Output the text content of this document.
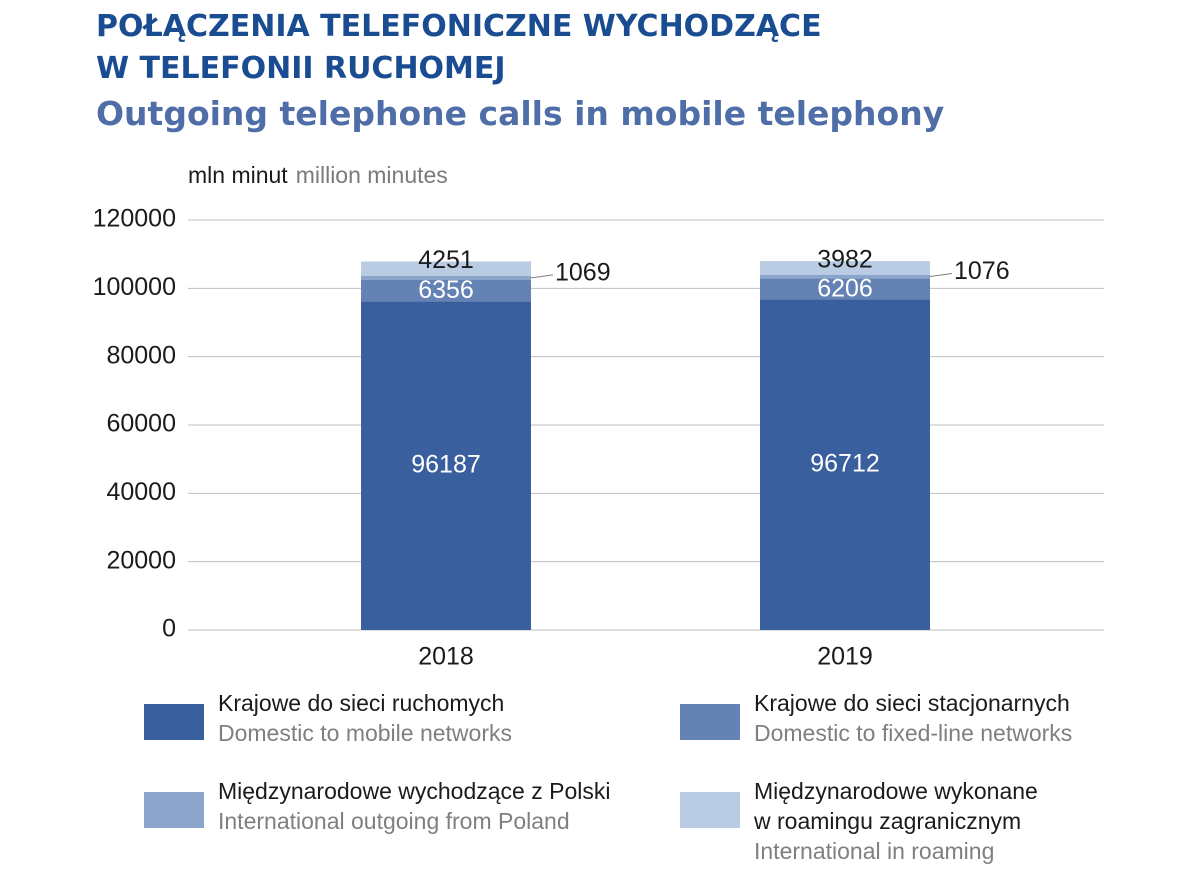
POŁĄCZENIA TELEFONICZNE WYCHODZĄCE
W TELEFONII RUCHOMEJ
Outgoing telephone calls in mobile telephony
mln minut million minutes
0
20000
40000
60000
80000
100000
120000
96187
6356
4251	1069
2018
96712
6206
3982	1076
2019
Krajowe do sieci ruchomych
Domestic to mobile networks
Krajowe do sieci stacjonarnych
Domestic to fixed-line networks
Międzynarodowe wychodzące z Polski
International outgoing from Poland
Międzynarodowe wykonane
w roamingu zagranicznym
International in roaming
